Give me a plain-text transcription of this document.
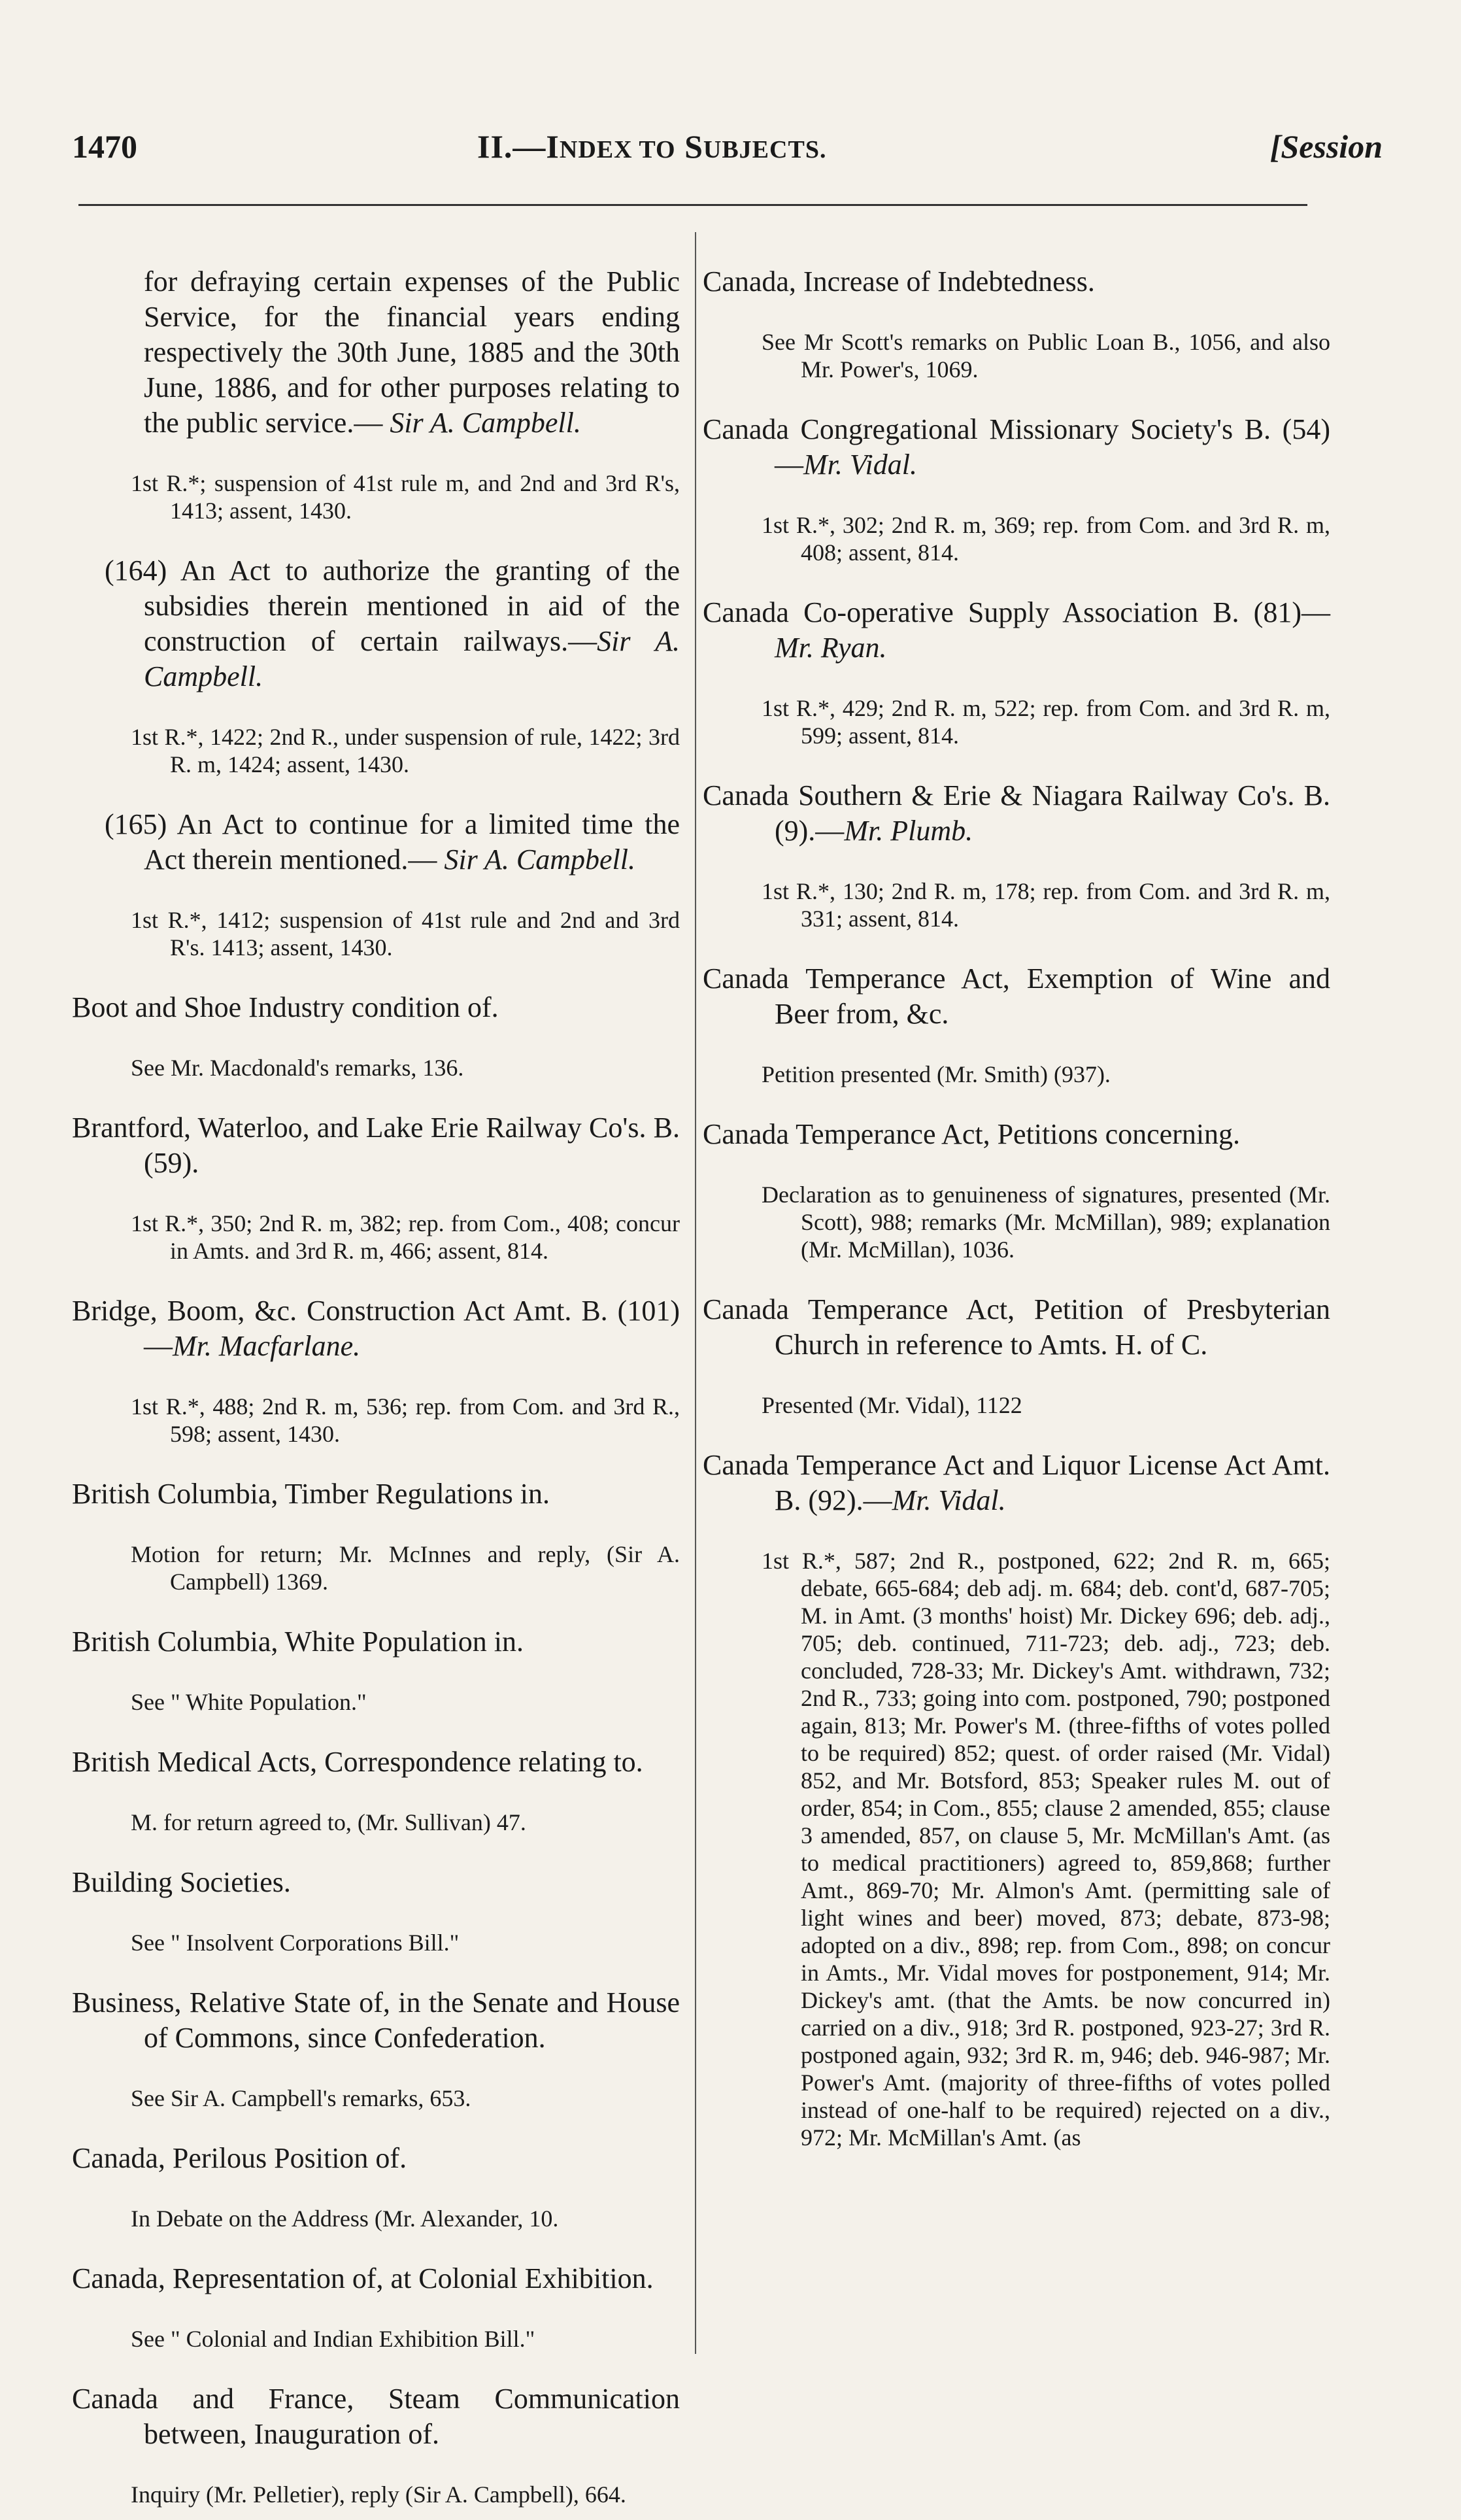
1470	II.—INDEX TO SUBJECTS.	[Session

for defraying certain expenses of the Public Service, for the financial years ending respectively the 30th June, 1885 and the 30th June, 1886, and for other purposes relating to the public service.— Sir A. Campbell.

1st R.*; suspension of 41st rule m, and 2nd and 3rd R's, 1413; assent, 1430.

(164) An Act to authorize the granting of the subsidies therein mentioned in aid of the construction of certain railways.—Sir A. Campbell.

1st R.*, 1422; 2nd R., under suspension of rule, 1422; 3rd R. m, 1424; assent, 1430.

(165) An Act to continue for a limited time the Act therein mentioned.— Sir A. Campbell.

1st R.*, 1412; suspension of 41st rule and 2nd and 3rd R's. 1413; assent, 1430.

Boot and Shoe Industry condition of.

See Mr. Macdonald's remarks, 136.

Brantford, Waterloo, and Lake Erie Railway Co's. B. (59).

1st R.*, 350; 2nd R. m, 382; rep. from Com., 408; concur in Amts. and 3rd R. m, 466; assent, 814.

Bridge, Boom, &c. Construction Act Amt. B. (101)—Mr. Macfarlane.

1st R.*, 488; 2nd R. m, 536; rep. from Com. and 3rd R., 598; assent, 1430.

British Columbia, Timber Regulations in.

Motion for return; Mr. McInnes and reply, (Sir A. Campbell) 1369.

British Columbia, White Population in.

See " White Population."

British Medical Acts, Correspondence relating to.

M. for return agreed to, (Mr. Sullivan) 47.

Building Societies.

See " Insolvent Corporations Bill."

Business, Relative State of, in the Senate and House of Commons, since Confederation.

See Sir A. Campbell's remarks, 653.

Canada, Perilous Position of.

In Debate on the Address (Mr. Alexander, 10.

Canada, Representation of, at Colonial Exhibition.

See " Colonial and Indian Exhibition Bill."

Canada and France, Steam Communication between, Inauguration of.

Inquiry (Mr. Pelletier), reply (Sir A. Campbell), 664.

Canada, Increase of Indebtedness.

See Mr Scott's remarks on Public Loan B., 1056, and also Mr. Power's, 1069.

Canada Congregational Missionary Society's B. (54)—Mr. Vidal.

1st R.*, 302; 2nd R. m, 369; rep. from Com. and 3rd R. m, 408; assent, 814.

Canada Co-operative Supply Association B. (81)—Mr. Ryan.

1st R.*, 429; 2nd R. m, 522; rep. from Com. and 3rd R. m, 599; assent, 814.

Canada Southern & Erie & Niagara Railway Co's. B. (9).—Mr. Plumb.

1st R.*, 130; 2nd R. m, 178; rep. from Com. and 3rd R. m, 331; assent, 814.

Canada Temperance Act, Exemption of Wine and Beer from, &c.

Petition presented (Mr. Smith) (937).

Canada Temperance Act, Petitions concerning.

Declaration as to genuineness of signatures, presented (Mr. Scott), 988; remarks (Mr. McMillan), 989; explanation (Mr. McMillan), 1036.

Canada Temperance Act, Petition of Presbyterian Church in reference to Amts. H. of C.

Presented (Mr. Vidal), 1122

Canada Temperance Act and Liquor License Act Amt. B. (92).—Mr. Vidal.

1st R.*, 587; 2nd R., postponed, 622; 2nd R. m, 665; debate, 665-684; deb adj. m. 684; deb. cont'd, 687-705; M. in Amt. (3 months' hoist) Mr. Dickey 696; deb. adj., 705; deb. continued, 711-723; deb. adj., 723; deb. concluded, 728-33; Mr. Dickey's Amt. withdrawn, 732; 2nd R., 733; going into com. postponed, 790; postponed again, 813; Mr. Power's M. (three-fifths of votes polled to be required) 852; quest. of order raised (Mr. Vidal) 852, and Mr. Botsford, 853; Speaker rules M. out of order, 854; in Com., 855; clause 2 amended, 855; clause 3 amended, 857, on clause 5, Mr. McMillan's Amt. (as to medical practitioners) agreed to, 859,868; further Amt., 869-70; Mr. Almon's Amt. (permitting sale of light wines and beer) moved, 873; debate, 873-98; adopted on a div., 898; rep. from Com., 898; on concur in Amts., Mr. Vidal moves for postponement, 914; Mr. Dickey's amt. (that the Amts. be now concurred in) carried on a div., 918; 3rd R. postponed, 923-27; 3rd R. postponed again, 932; 3rd R. m, 946; deb. 946-987; Mr. Power's Amt. (majority of three-fifths of votes polled instead of one-half to be required) rejected on a div., 972; Mr. McMillan's Amt. (as
